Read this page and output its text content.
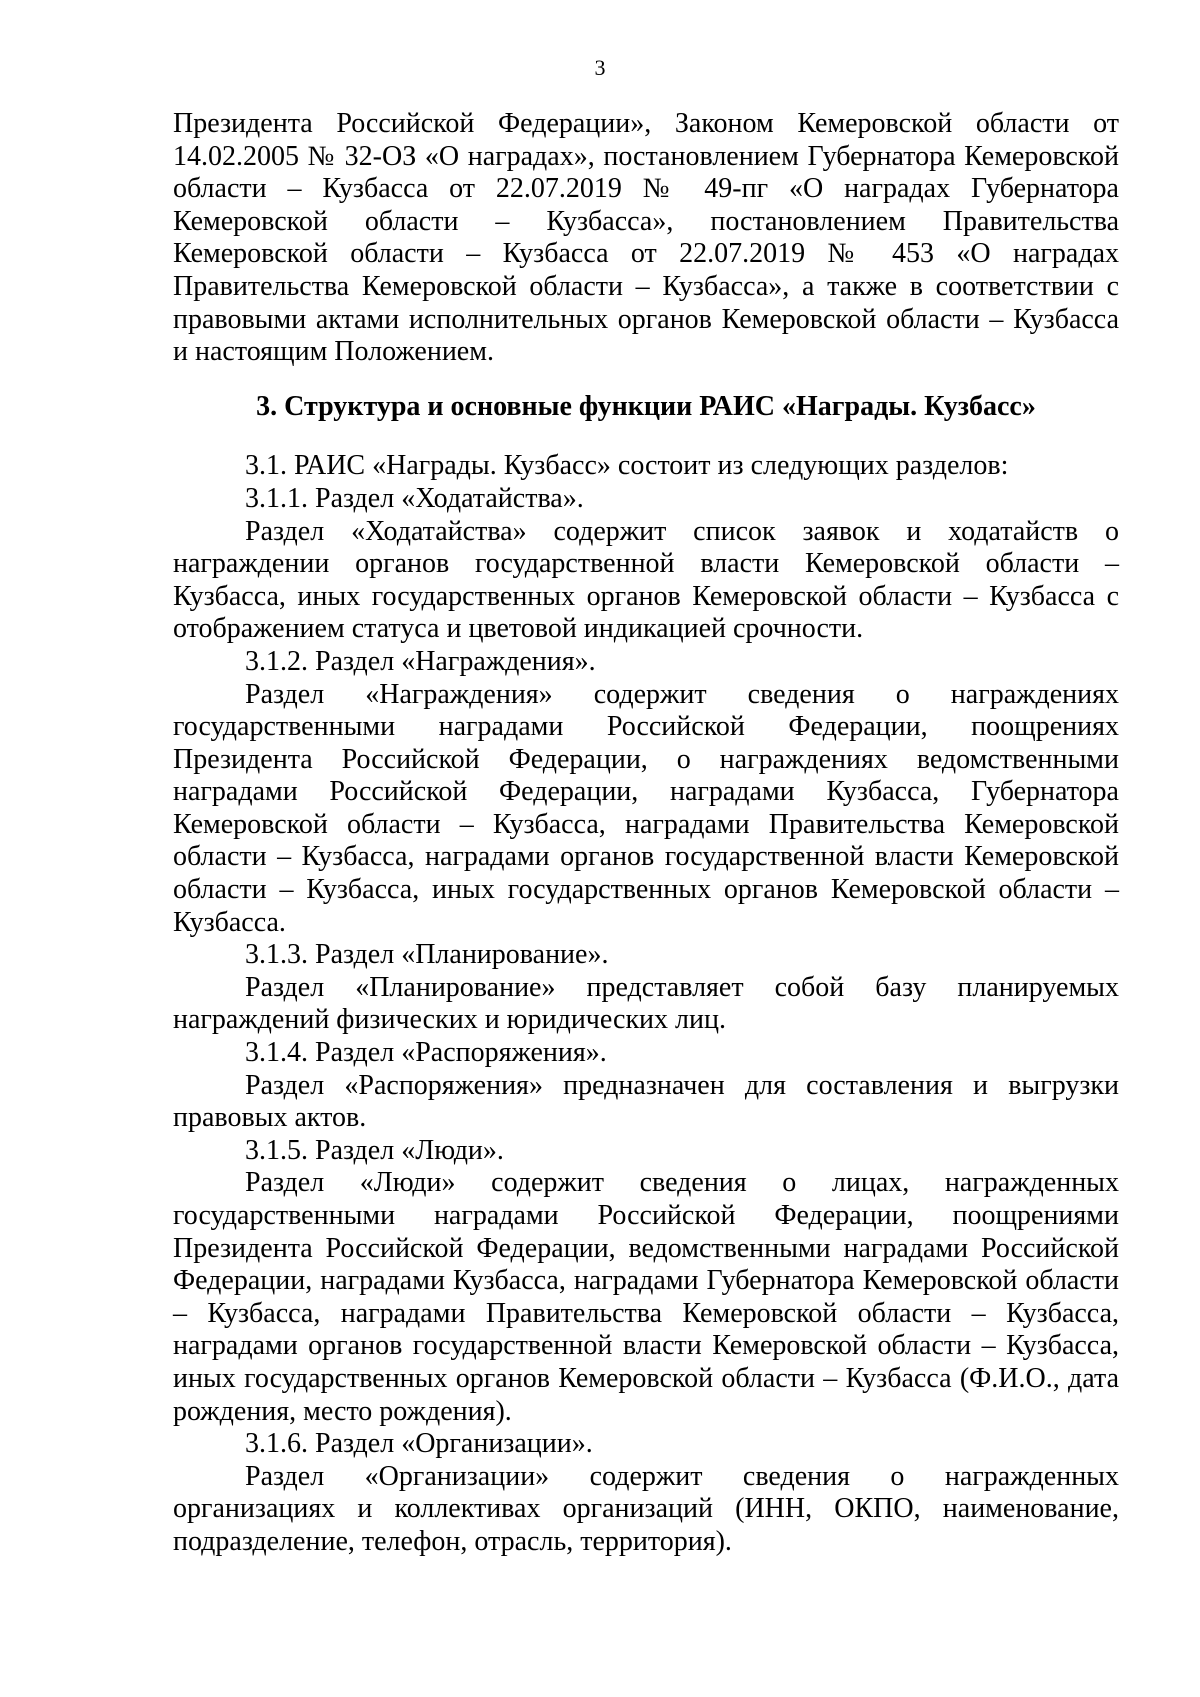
3

Президента Российской Федерации», Законом Кемеровской области от 14.02.2005 № 32-ОЗ «О наградах», постановлением Губернатора Кемеровской области – Кузбасса от 22.07.2019 № 49-пг «О наградах Губернатора Кемеровской области – Кузбасса», постановлением Правительства Кемеровской области – Кузбасса от 22.07.2019 № 453 «О наградах Правительства Кемеровской области – Кузбасса», а также в соответствии с правовыми актами исполнительных органов Кемеровской области – Кузбасса и настоящим Положением.

3. Структура и основные функции РАИС «Награды. Кузбасс»

3.1. РАИС «Награды. Кузбасс» состоит из следующих разделов:

3.1.1. Раздел «Ходатайства».

Раздел «Ходатайства» содержит список заявок и ходатайств о награждении органов государственной власти Кемеровской области – Кузбасса, иных государственных органов Кемеровской области – Кузбасса с отображением статуса и цветовой индикацией срочности.

3.1.2. Раздел «Награждения».

Раздел «Награждения» содержит сведения о награждениях государственными наградами Российской Федерации, поощрениях Президента Российской Федерации, о награждениях ведомственными наградами Российской Федерации, наградами Кузбасса, Губернатора Кемеровской области – Кузбасса, наградами Правительства Кемеровской области – Кузбасса, наградами органов государственной власти Кемеровской области – Кузбасса, иных государственных органов Кемеровской области – Кузбасса.

3.1.3. Раздел «Планирование».

Раздел «Планирование» представляет собой базу планируемых награждений физических и юридических лиц.

3.1.4. Раздел «Распоряжения».

Раздел «Распоряжения» предназначен для составления и выгрузки правовых актов.

3.1.5. Раздел «Люди».

Раздел «Люди» содержит сведения о лицах, награжденных государственными наградами Российской Федерации, поощрениями Президента Российской Федерации, ведомственными наградами Российской Федерации, наградами Кузбасса, наградами Губернатора Кемеровской области – Кузбасса, наградами Правительства Кемеровской области – Кузбасса, наградами органов государственной власти Кемеровской области – Кузбасса, иных государственных органов Кемеровской области – Кузбасса (Ф.И.О., дата рождения, место рождения).

3.1.6. Раздел «Организации».

Раздел «Организации» содержит сведения о награжденных организациях и коллективах организаций (ИНН, ОКПО, наименование, подразделение, телефон, отрасль, территория).
